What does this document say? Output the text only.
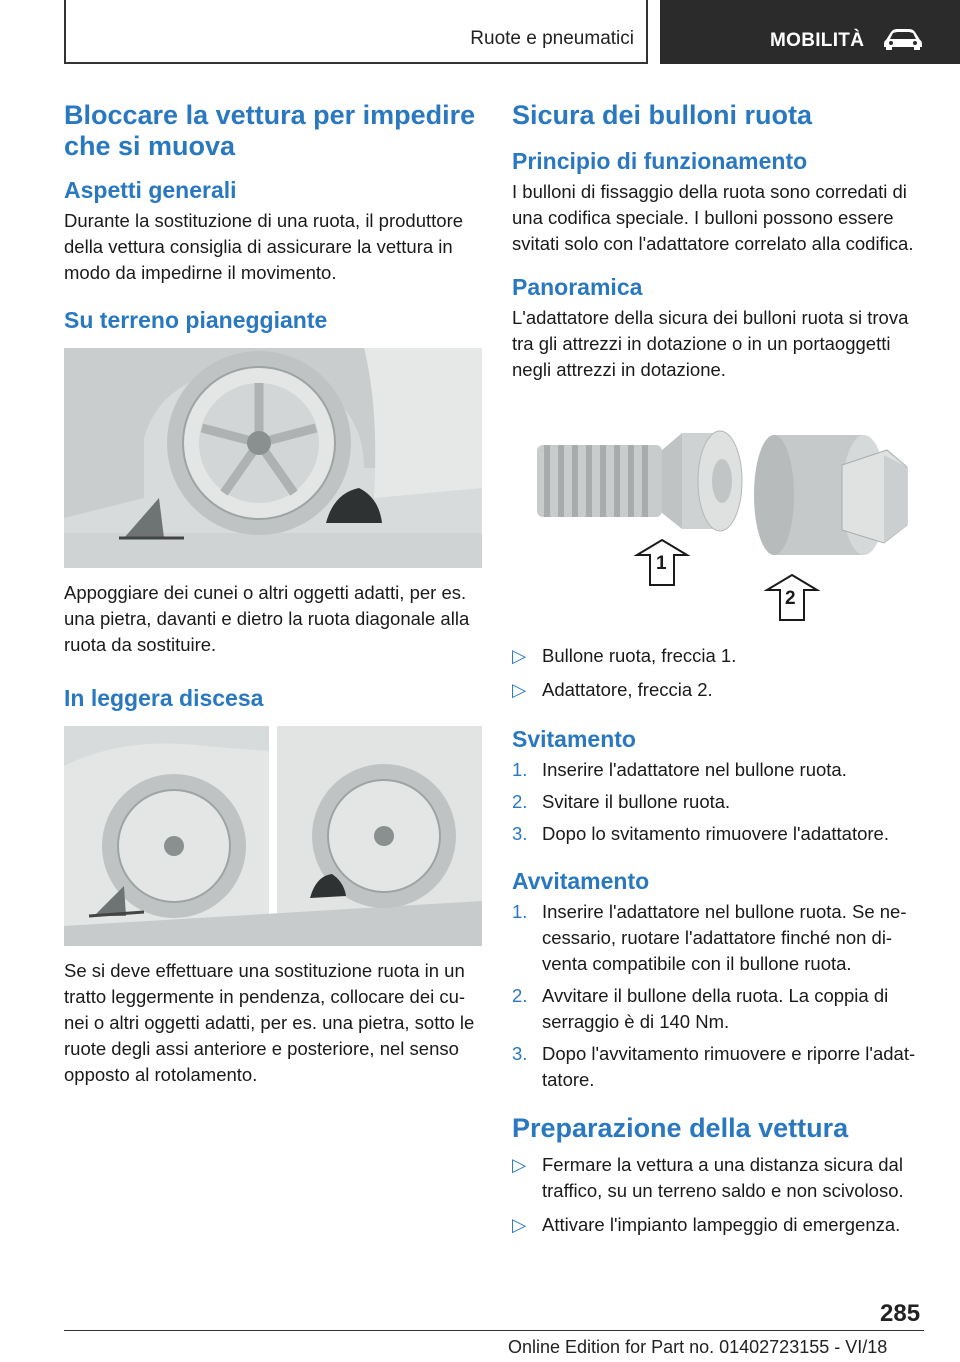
Ruote e pneumatici	MOBILITÀ
Bloccare la vettura per impedire che si muova
Aspetti generali

Durante la sostituzione di una ruota, il produttore della vettura consiglia di assicurare la vettura in modo da impedirne il movimento.

Su terreno pianeggiante

Appoggiare dei cunei o altri oggetti adatti, per es. una pietra, davanti e dietro la ruota diagonale alla ruota da sostituire.

In leggera discesa

Se si deve effettuare una sostituzione ruota in un tratto leggermente in pendenza, collocare dei cu-nei o altri oggetti adatti, per es. una pietra, sotto le ruote degli assi anteriore e posteriore, nel senso opposto al rotolamento.

Sicura dei bulloni ruota
Principio di funzionamento

I bulloni di fissaggio della ruota sono corredati di una codifica speciale. I bulloni possono essere svitati solo con l'adattatore correlato alla codifica.

Panoramica

L'adattatore della sicura dei bulloni ruota si trova tra gli attrezzi in dotazione o in un portaoggetti negli attrezzi in dotazione.

1
2
▷ Bullone ruota, freccia 1.
▷ Adattatore, freccia 2.
Svitamento
1. Inserire l'adattatore nel bullone ruota.
2. Svitare il bullone ruota.
3. Dopo lo svitamento rimuovere l'adattatore.
Avvitamento
1. Inserire l'adattatore nel bullone ruota. Se ne-cessario, ruotare l'adattatore finché non di-venta compatibile con il bullone ruota.
2. Avvitare il bullone della ruota. La coppia di serraggio è di 140 Nm.
3. Dopo l'avvitamento rimuovere e riporre l'adat-tatore.
Preparazione della vettura
▷ Fermare la vettura a una distanza sicura dal traffico, su un terreno saldo e non scivoloso.
▷ Attivare l'impianto lampeggio di emergenza.
285
Online Edition for Part no. 01402723155 - VI/18
